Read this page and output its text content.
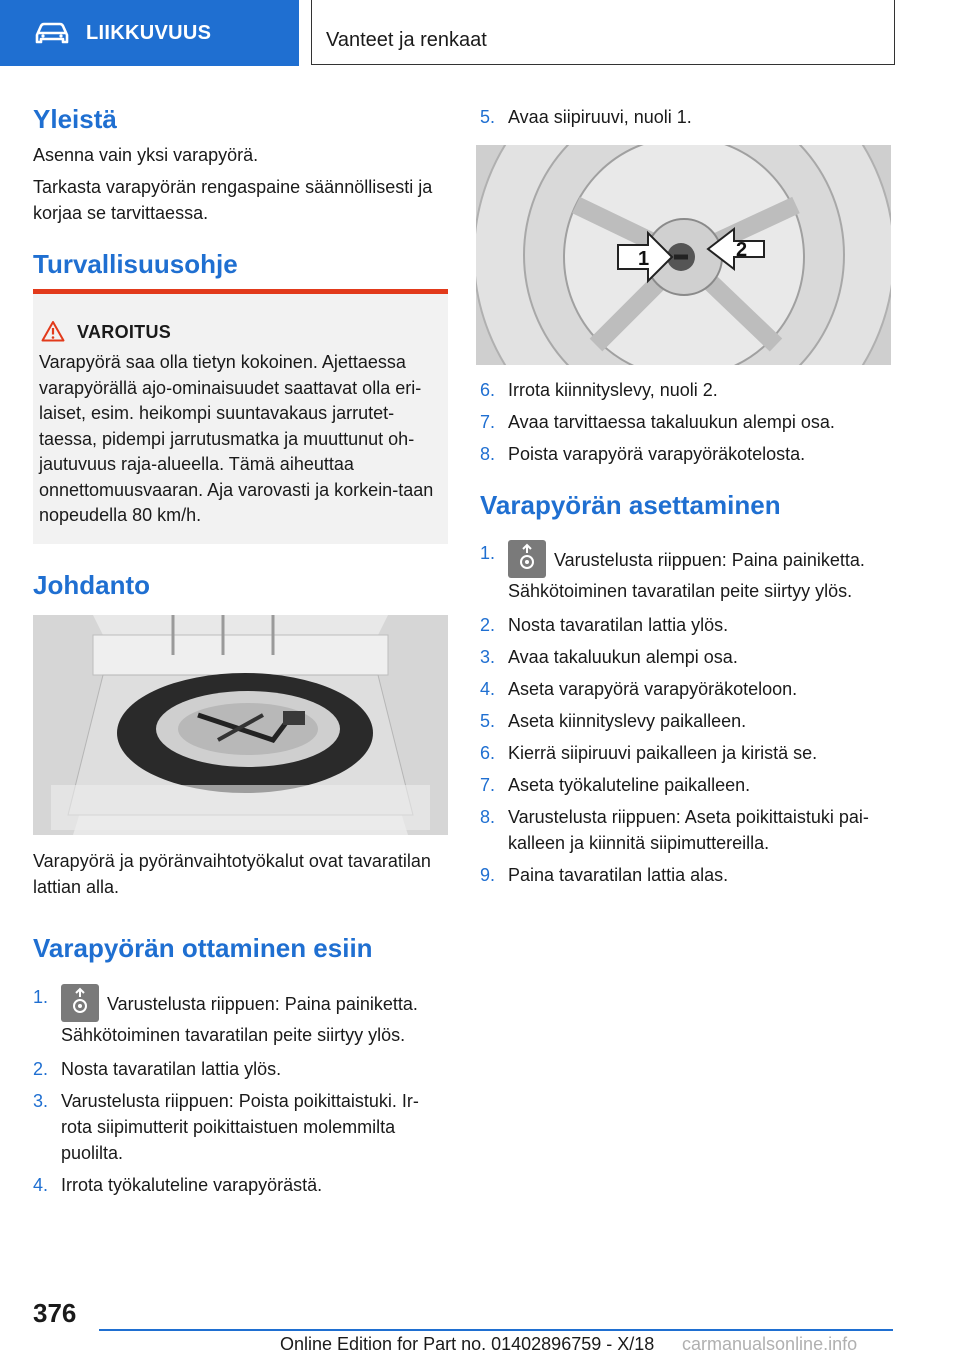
LIIKKUVUUS	Vanteet ja renkaat
Yleistä
Asenna vain yksi varapyörä.
Tarkasta varapyörän rengaspaine säännöllisesti ja korjaa se tarvittaessa.
Turvallisuusohje
VAROITUS
Varapyörä saa olla tietyn kokoinen. Ajettaessa varapyörällä ajo-ominaisuudet saattavat olla eri-laiset, esim. heikompi suuntavakaus jarrutet-taessa, pidempi jarrutusmatka ja muuttunut oh-jautuvuus raja-alueella. Tämä aiheuttaa onnettomuusvaaran. Aja varovasti ja korkein-taan nopeudella 80 km/h.
Johdanto
Varapyörä ja pyöränvaihtotyökalut ovat tavaratilan lattian alla.
Varapyörän ottaminen esiin
1.	Varustelusta riippuen: Paina painiketta. Sähkötoiminen tavaratilan peite siirtyy ylös.
2. Nosta tavaratilan lattia ylös.
3. Varustelusta riippuen: Poista poikittaistuki. Ir-rota siipimutterit poikittaistuen molemmilta puolilta.
4. Irrota työkaluteline varapyörästä.
5. Avaa siipiruuvi, nuoli 1.
1	2
6. Irrota kiinnityslevy, nuoli 2.
7. Avaa tarvittaessa takaluukun alempi osa.
8. Poista varapyörä varapyöräkotelosta.
Varapyörän asettaminen
1.	Varustelusta riippuen: Paina painiketta. Sähkötoiminen tavaratilan peite siirtyy ylös.
2. Nosta tavaratilan lattia ylös.
3. Avaa takaluukun alempi osa.
4. Aseta varapyörä varapyöräkoteloon.
5. Aseta kiinnityslevy paikalleen.
6. Kierrä siipiruuvi paikalleen ja kiristä se.
7. Aseta työkaluteline paikalleen.
8. Varustelusta riippuen: Aseta poikittaistuki pai-kalleen ja kiinnitä siipimuttereilla.
9. Paina tavaratilan lattia alas.
376
Online Edition for Part no. 01402896759 - X/18 carmanualsonline.info
